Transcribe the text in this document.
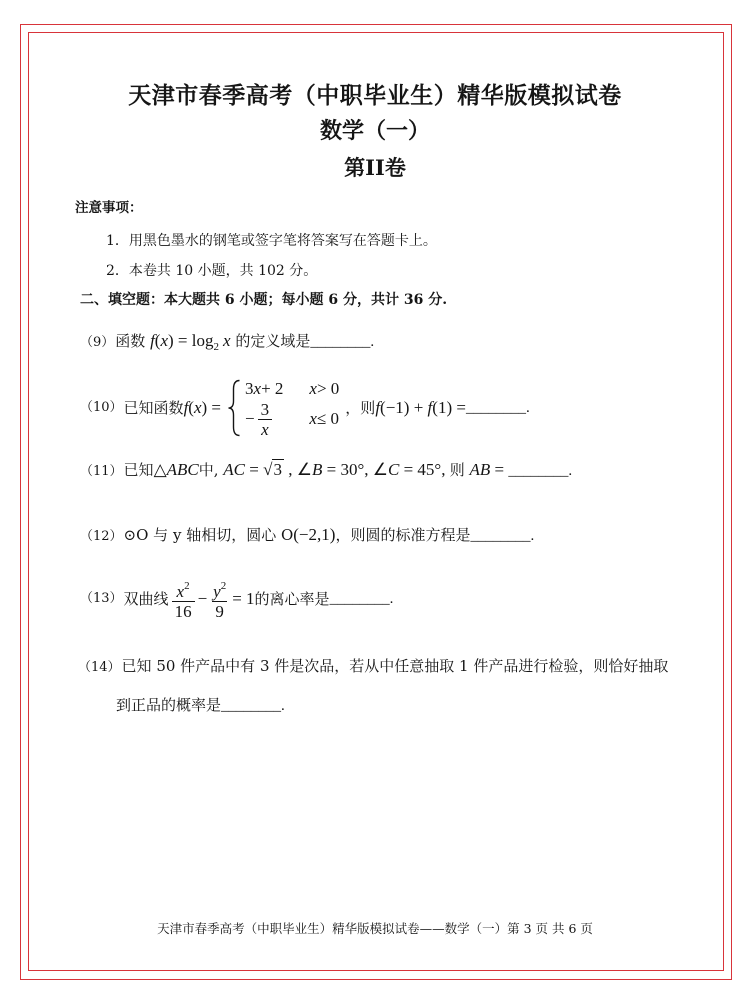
天津市春季高考（中职毕业生）精华版模拟试卷
数学（一）
第II卷
注意事项：
1．用黑色墨水的钢笔或签字笔将答案写在答题卡上。
2．本卷共 10 小题，共 102 分。
二、填空题：本大题共 6 小题；每小题 6 分，共计 36 分.
（9）函数 $f(x) = \log_2 x$ 的定义域是________.
（10） 已知函数 f(x) =
3 x + 2 x > 0
− $\frac{3}{x}$ x ≤ 0
，则 f(−1) + f(1) = ________.
（11）已知△ABC中, AC = √3 , ∠B = 30°, ∠C = 45°, 则 AB = ________.
（12）⊙O 与 y 轴相切，圆心 O(−2,1)，则圆的标准方程是________.
（13） 双曲线 $\frac{x^2}{16} - \frac{y^2}{9} = 1$ 的离心率是 ________.
（14）已知 50 件产品中有 3 件是次品，若从中任意抽取 1 件产品进行检验，则恰好抽取
到正品的概率是________.
天津市春季高考（中职毕业生）精华版模拟试卷——数学（一）第 3 页 共 6 页
